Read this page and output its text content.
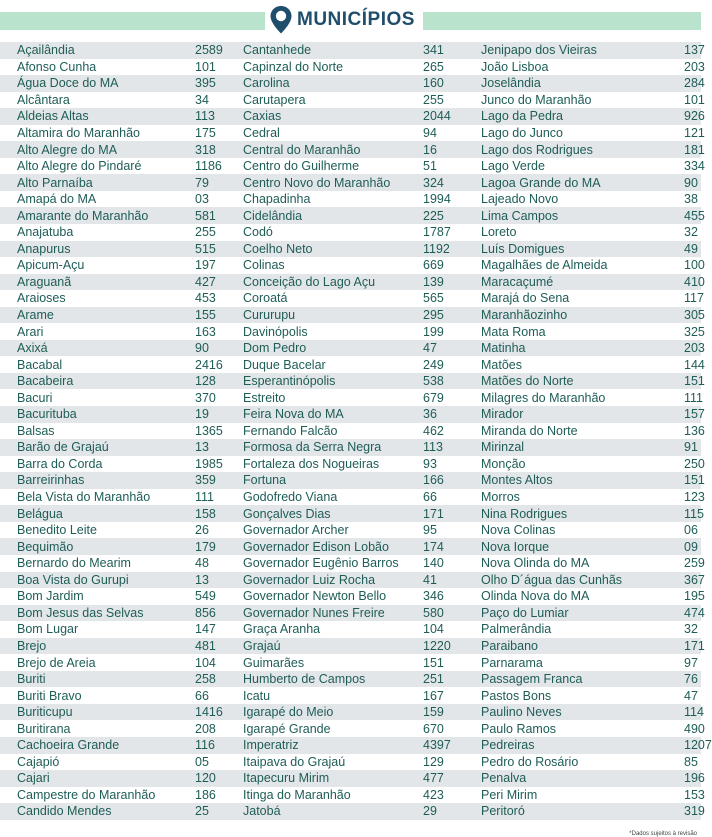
MUNICÍPIOS
Açailândia	2589
Afonso Cunha	101
Água Doce do MA	395
Alcântara	34
Aldeias Altas	113
Altamira do Maranhão	175
Alto Alegre do MA	318
Alto Alegre do Pindaré	1186
Alto Parnaíba	79
Amapá do MA	03
Amarante do Maranhão	581
Anajatuba	255
Anapurus	515
Apicum-Açu	197
Araguanã	427
Araioses	453
Arame	155
Arari	163
Axixá	90
Bacabal	2416
Bacabeira	128
Bacuri	370
Bacurituba	19
Balsas	1365
Barão de Grajaú	13
Barra do Corda	1985
Barreirinhas	359
Bela Vista do Maranhão	111
Belágua	158
Benedito Leite	26
Bequimão	179
Bernardo do Mearim	48
Boa Vista do Gurupi	13
Bom Jardim	549
Bom Jesus das Selvas	856
Bom Lugar	147
Brejo	481
Brejo de Areia	104
Buriti	258
Buriti Bravo	66
Buriticupu	1416
Buritirana	208
Cachoeira Grande	116
Cajapió	05
Cajari	120
Campestre do Maranhão	186
Candido Mendes	25
Cantanhede	341
Capinzal do Norte	265
Carolina	160
Carutapera	255
Caxias	2044
Cedral	94
Central do Maranhão	16
Centro do Guilherme	51
Centro Novo do Maranhão	324
Chapadinha	1994
Cidelândia	225
Codó	1787
Coelho Neto	1192
Colinas	669
Conceição do Lago Açu	139
Coroatá	565
Cururupu	295
Davinópolis	199
Dom Pedro	47
Duque Bacelar	249
Esperantinópolis	538
Estreito	679
Feira Nova do MA	36
Fernando Falcão	462
Formosa da Serra Negra	113
Fortaleza dos Nogueiras	93
Fortuna	166
Godofredo Viana	66
Gonçalves Dias	171
Governador Archer	95
Governador Edison Lobão	174
Governador Eugênio Barros	140
Governador Luiz Rocha	41
Governador Newton Bello	346
Governador Nunes Freire	580
Graça Aranha	104
Grajaú	1220
Guimarães	151
Humberto de Campos	251
Icatu	167
Igarapé do Meio	159
Igarapé Grande	670
Imperatriz	4397
Itaipava do Grajaú	129
Itapecuru Mirim	477
Itinga do Maranhão	423
Jatobá	29
Jenipapo dos Vieiras	137
João Lisboa	203
Joselândia	284
Junco do Maranhão	101
Lago da Pedra	926
Lago do Junco	121
Lago dos Rodrigues	181
Lago Verde	334
Lagoa Grande do MA	90
Lajeado Novo	38
Lima Campos	455
Loreto	32
Luís Domigues	49
Magalhães de Almeida	100
Maracaçumé	410
Marajá do Sena	117
Maranhãozinho	305
Mata Roma	325
Matinha	203
Matões	144
Matões do Norte	151
Milagres do Maranhão	111
Mirador	157
Miranda do Norte	136
Mirinzal	91
Monção	250
Montes Altos	151
Morros	123
Nina Rodrigues	115
Nova Colinas	06
Nova Iorque	09
Nova Olinda do MA	259
Olho D´água das Cunhãs	367
Olinda Nova do MA	195
Paço do Lumiar	474
Palmerândia	32
Paraibano	171
Parnarama	97
Passagem Franca	76
Pastos Bons	47
Paulino Neves	114
Paulo Ramos	490
Pedreiras	1207
Pedro do Rosário	85
Penalva	196
Peri Mirim	153
Peritoró	319
*Dados sujeitos à revisão
